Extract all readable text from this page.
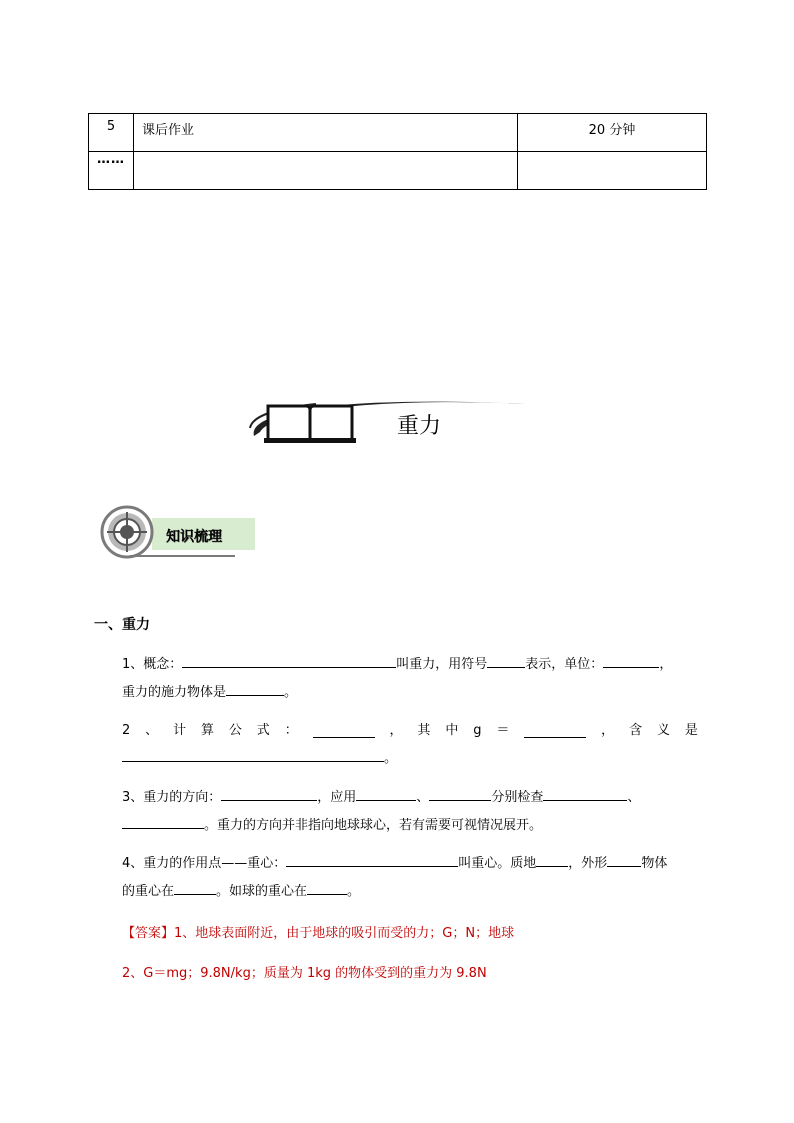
5	课后作业	20 分钟
……		
重力
知识梳理
一、重力
1、概念：	叫重力，用符号	表示，单位：	，
重力的施力物体是	。
2 、 计 算 公 式 ：	， 其 中 g ＝	， 含 义 是
。
3、重力的方向：	，应用	、	分别检查	、
。重力的方向并非指向地球球心，若有需要可视情况展开。
4、重力的作用点——重心：	叫重心。质地 ，外形	物体
的重心在	。如球的重心在	。
【答案】1、地球表面附近，由于地球的吸引而受的力；G；N；地球
2、G＝mg；9.8N/kg；质量为 1kg 的物体受到的重力为 9.8N
